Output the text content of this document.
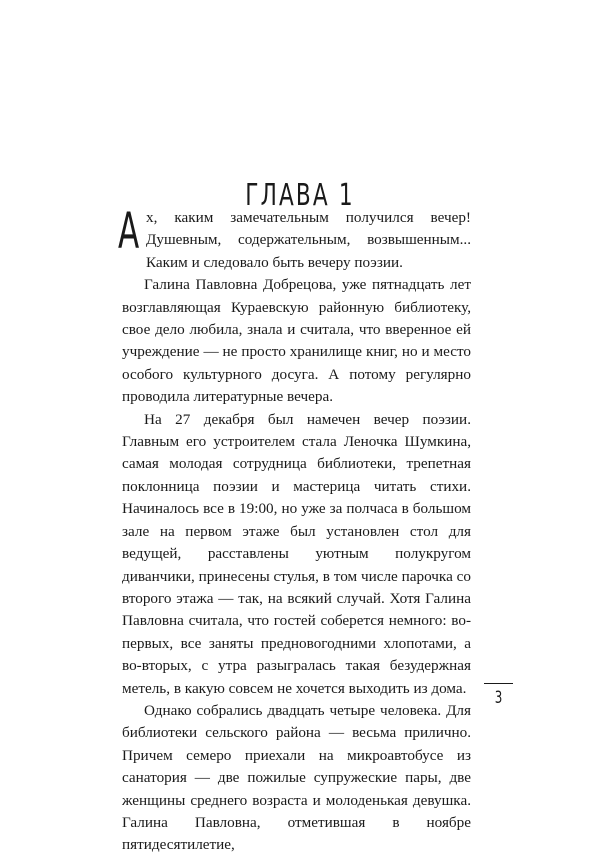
ГЛАВА 1

Ах, каким замечательным получился вечер! Душевным, содержательным, возвышенным... Каким и следовало быть вечеру поэзии.

Галина Павловна Добрецова, уже пятнадцать лет возглавляющая Кураевскую районную библиотеку, свое дело любила, знала и считала, что вверенное ей учреждение — не просто хранилище книг, но и место особого культурного досуга. А потому регулярно проводила литературные вечера.

На 27 декабря был намечен вечер поэзии. Главным его устроителем стала Леночка Шумкина, самая молодая сотрудница библиотеки, трепетная поклонница поэзии и мастерица читать стихи. Начиналось все в 19:00, но уже за полчаса в большом зале на первом этаже был установлен стол для ведущей, расставлены уютным полукругом диванчики, принесены стулья, в том числе парочка со второго этажа — так, на всякий случай. Хотя Галина Павловна считала, что гостей соберется немного: во-первых, все заняты предновогодними хлопотами, а во-вторых, с утра разыгралась такая безудержная метель, в какую совсем не хочется выходить из дома.

Однако собрались двадцать четыре человека. Для библиотеки сельского района — весьма прилично. Причем семеро приехали на микроавтобусе из санатория — две пожилые супружеские пары, две женщины среднего возраста и молоденькая девушка. Галина Павловна, отметившая в ноябре пятидесятилетие,

3
